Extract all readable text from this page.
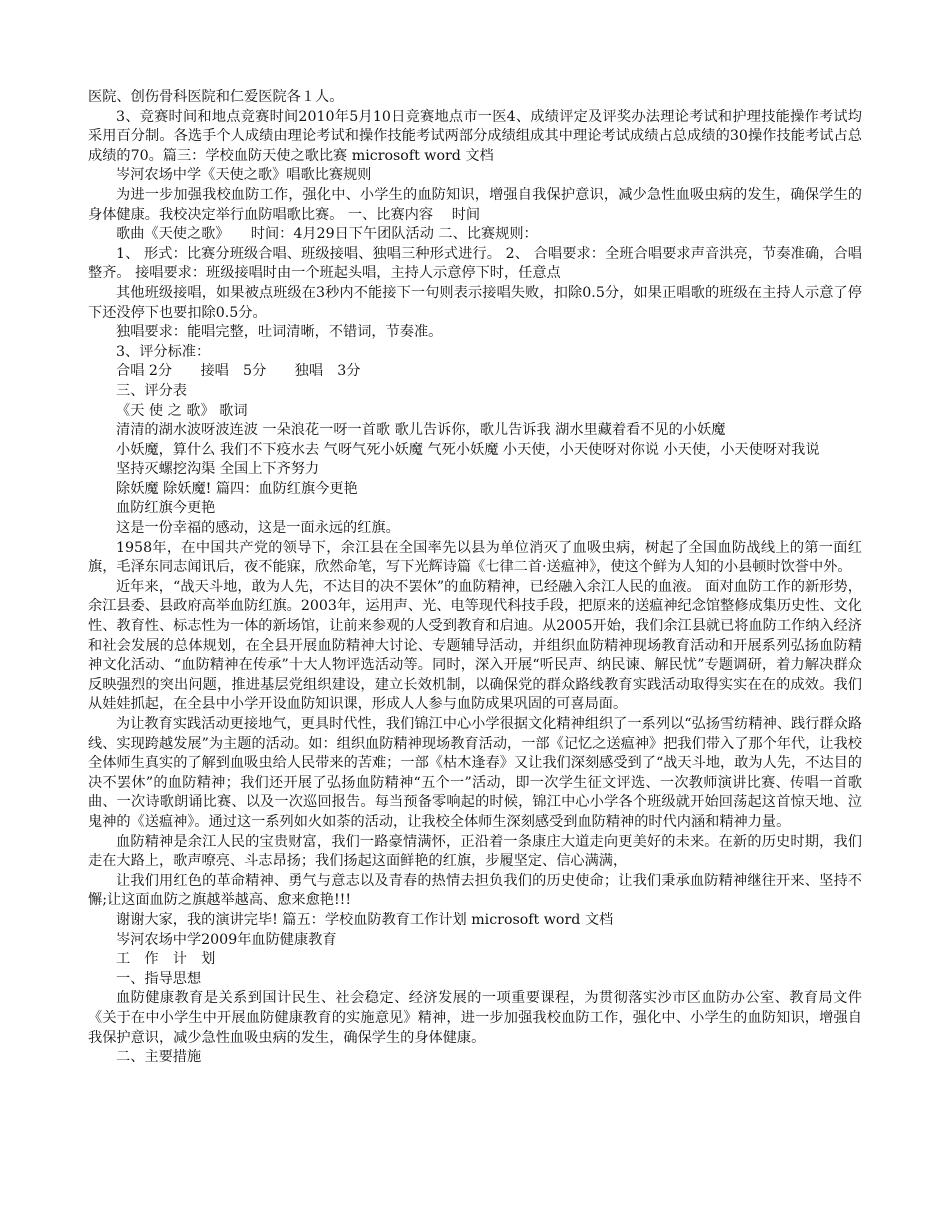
医院、创伤骨科医院和仁爱医院各１人。

3、竞赛时间和地点竞赛时间2010年5月10日竞赛地点市一医4、成绩评定及评奖办法理论考试和护理技能操作考试均采用百分制。各选手个人成绩由理论考试和操作技能考试两部分成绩组成其中理论考试成绩占总成绩的30操作技能考试占总成绩的70。篇三：学校血防天使之歌比赛 microsoft word 文档

岑河农场中学《天使之歌》唱歌比赛规则

为进一步加强我校血防工作，强化中、小学生的血防知识，增强自我保护意识，减少急性血吸虫病的发生，确保学生的身体健康。我校决定举行血防唱歌比赛。 一、比赛内容　 时间

歌曲《天使之歌》　　时间：4月29日下午团队活动 二、比赛规则：

1、 形式：比赛分班级合唱、班级接唱、独唱三种形式进行。 2、 合唱要求：全班合唱要求声音洪亮，节奏准确，合唱整齐。 接唱要求：班级接唱时由一个班起头唱，主持人示意停下时，任意点

其他班级接唱，如果被点班级在3秒内不能接下一句则表示接唱失败，扣除0.5分，如果正唱歌的班级在主持人示意了停下还没停下也要扣除0.5分。

独唱要求：能唱完整，吐词清晰，不错词，节奏准。

3、评分标准：

合唱 2分　　接唱　5分　　独唱　3分

三、评分表

《天 使 之 歌》 歌词

清清的湖水波呀波连波 一朵浪花一呀一首歌 歌儿告诉你，歌儿告诉我 湖水里藏着看不见的小妖魔

小妖魔，算什么 我们不下疫水去 气呀气死小妖魔 气死小妖魔 小天使，小天使呀对你说 小天使，小天使呀对我说

坚持灭螺挖沟渠 全国上下齐努力

除妖魔 除妖魔! 篇四：血防红旗今更艳

血防红旗今更艳

这是一份幸福的感动，这是一面永远的红旗。

1958年，在中国共产党的领导下，余江县在全国率先以县为单位消灭了血吸虫病，树起了全国血防战线上的第一面红旗，毛泽东同志闻讯后，夜不能寐，欣然命笔，写下光辉诗篇《七律二首·送瘟神》，使这个鲜为人知的小县顿时饮誉中外。

近年来，“战天斗地，敢为人先，不达目的决不罢休”的血防精神，已经融入余江人民的血液。 面对血防工作的新形势，余江县委、县政府高举血防红旗。2003年，运用声、光、电等现代科技手段，把原来的送瘟神纪念馆整修成集历史性、文化性、教育性、标志性为一体的新场馆，让前来参观的人受到教育和启迪。从2005开始，我们余江县就已将血防工作纳入经济和社会发展的总体规划，在全县开展血防精神大讨论、专题辅导活动，并组织血防精神现场教育活动和开展系列弘扬血防精神文化活动、“血防精神在传承”十大人物评选活动等。同时，深入开展“听民声、纳民谏、解民忧”专题调研，着力解决群众反映强烈的突出问题，推进基层党组织建设，建立长效机制，以确保党的群众路线教育实践活动取得实实在在的成效。我们从娃娃抓起，在全县中小学开设血防知识课，形成人人参与血防成果巩固的可喜局面。

为让教育实践活动更接地气，更具时代性，我们锦江中心小学很据文化精神组织了一系列以“弘扬雪纺精神、践行群众路线、实现跨越发展”为主题的活动。如：组织血防精神现场教育活动，一部《记忆之送瘟神》把我们带入了那个年代，让我校全体师生真实的了解到血吸虫给人民带来的苦难；一部《枯木逢春》又让我们深刻感受到了“战天斗地，敢为人先，不达目的决不罢休”的血防精神；我们还开展了弘扬血防精神“五个一”活动，即一次学生征文评选、一次教师演讲比赛、传唱一首歌曲、一次诗歌朗诵比赛、以及一次巡回报告。每当预备零响起的时候，锦江中心小学各个班级就开始回荡起这首惊天地、泣鬼神的《送瘟神》。通过这一系列如火如荼的活动，让我校全体师生深刻感受到血防精神的时代内涵和精神力量。

血防精神是余江人民的宝贵财富，我们一路豪情满怀，正沿着一条康庄大道走向更美好的未来。在新的历史时期，我们走在大路上，歌声嘹亮、斗志昂扬；我们扬起这面鲜艳的红旗，步履坚定、信心满满，

让我们用红色的革命精神、勇气与意志以及青春的热情去担负我们的历史使命；让我们秉承血防精神继往开来、坚持不懈;让这面血防之旗越举越高、愈来愈艳!!!

谢谢大家，我的演讲完毕! 篇五：学校血防教育工作计划 microsoft word 文档

岑河农场中学2009年血防健康教育

工　作　计　划

一、指导思想

血防健康教育是关系到国计民生、社会稳定、经济发展的一项重要课程，为贯彻落实沙市区血防办公室、教育局文件《关于在中小学生中开展血防健康教育的实施意见》精神，进一步加强我校血防工作，强化中、小学生的血防知识，增强自我保护意识，减少急性血吸虫病的发生，确保学生的身体健康。

二、主要措施
